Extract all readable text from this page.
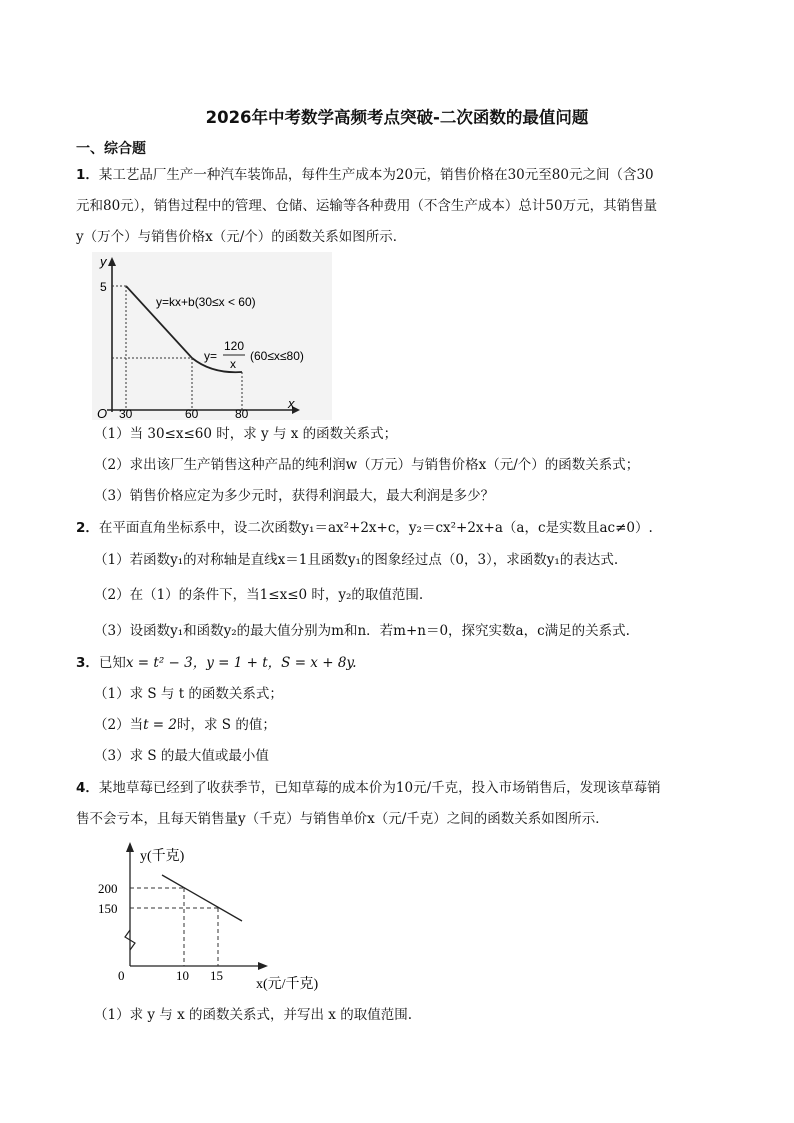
2026年中考数学高频考点突破-二次函数的最值问题
一、综合题
1．某工艺品厂生产一种汽车装饰品，每件生产成本为20元，销售价格在30元至80元之间（含30
元和80元），销售过程中的管理、仓储、运输等各种费用（不含生产成本）总计50万元，其销售量
y（万个）与销售价格x（元/个）的函数关系如图所示．
y
x
O
5
30	60	80
y=kx+b(30≤x < 60)
y=
120
x
(60≤x≤80)
（1）当 30≤x≤60 时，求 y 与 x 的函数关系式；
（2）求出该厂生产销售这种产品的纯利润w（万元）与销售价格x（元/个）的函数关系式；
（3）销售价格应定为多少元时，获得利润最大，最大利润是多少？
2．在平面直角坐标系中，设二次函数y₁＝ax²+2x+c，y₂＝cx²+2x+a（a，c是实数且ac≠0）.
（1）若函数y₁的对称轴是直线x＝1且函数y₁的图象经过点（0，3），求函数y₁的表达式.
（2）在（1）的条件下，当1≤x≤0 时，y₂的取值范围.
（3）设函数y₁和函数y₂的最大值分别为m和n．若m+n＝0，探究实数a，c满足的关系式.
3．已知x = t² − 3，y = 1 + t，S = x + 8y.
（1）求 S 与 t 的函数关系式；
（2）当t = 2时，求 S 的值；
（3）求 S 的最大值或最小值
4．某地草莓已经到了收获季节，已知草莓的成本价为10元/千克，投入市场销售后，发现该草莓销
售不会亏本，且每天销售量y（千克）与销售单价x（元/千克）之间的函数关系如图所示．
y(千克)
x(元/千克)
0
200
150
10 15
（1）求 y 与 x 的函数关系式，并写出 x 的取值范围.
